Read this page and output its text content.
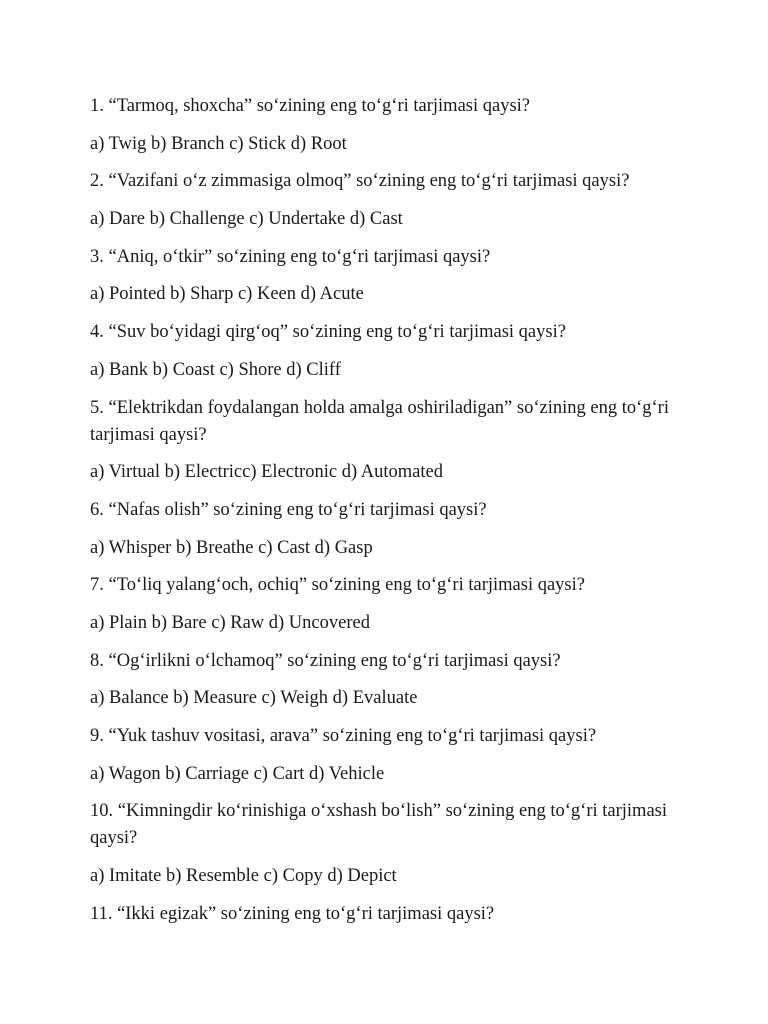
1. “Tarmoq, shoxcha” so‘zining eng to‘g‘ri tarjimasi qaysi?

a) Twig b) Branch c) Stick d) Root

2. “Vazifani o‘z zimmasiga olmoq” so‘zining eng to‘g‘ri tarjimasi qaysi?

a) Dare b) Challenge c) Undertake d) Cast

3. “Aniq, o‘tkir” so‘zining eng to‘g‘ri tarjimasi qaysi?

a) Pointed b) Sharp c) Keen d) Acute

4. “Suv bo‘yidagi qirg‘oq” so‘zining eng to‘g‘ri tarjimasi qaysi?

a) Bank b) Coast c) Shore d) Cliff

5. “Elektrikdan foydalangan holda amalga oshiriladigan” so‘zining eng to‘g‘ri tarjimasi qaysi?

a) Virtual b) Electricc) Electronic d) Automated

6. “Nafas olish” so‘zining eng to‘g‘ri tarjimasi qaysi?

a) Whisper b) Breathe c) Cast d) Gasp

7. “To‘liq yalang‘och, ochiq” so‘zining eng to‘g‘ri tarjimasi qaysi?

a) Plain b) Bare c) Raw d) Uncovered

8. “Og‘irlikni o‘lchamoq” so‘zining eng to‘g‘ri tarjimasi qaysi?

a) Balance b) Measure c) Weigh d) Evaluate

9. “Yuk tashuv vositasi, arava” so‘zining eng to‘g‘ri tarjimasi qaysi?

a) Wagon b) Carriage c) Cart d) Vehicle

10. “Kimningdir ko‘rinishiga o‘xshash bo‘lish” so‘zining eng to‘g‘ri tarjimasi qaysi?

a) Imitate b) Resemble c) Copy d) Depict

11. “Ikki egizak” so‘zining eng to‘g‘ri tarjimasi qaysi?
